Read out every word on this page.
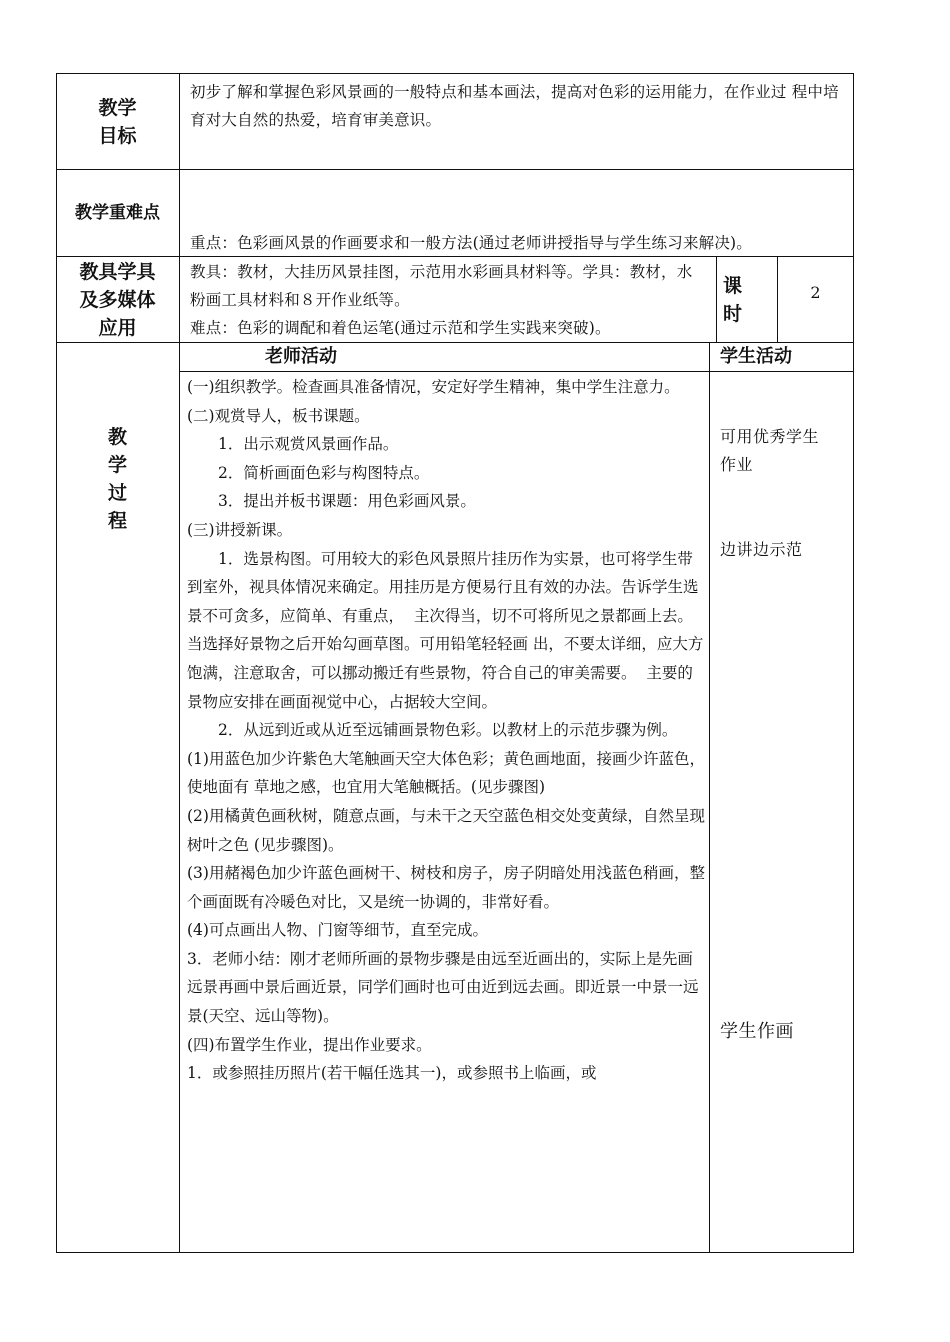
教学
目标
初步了解和掌握色彩风景画的一般特点和基本画法，提高对色彩的运用能力，在作业过 程中培育对大自然的热爱，培育审美意识。
教学重难点

重点：色彩画风景的作画要求和一般方法(通过老师讲授指导与学生练习来解决)。

难点：色彩的调配和着色运笔(通过示范和学生实践来突破)。

教具学具
及多媒体
应用
教具：教材，大挂历风景挂图，示范用水彩画具材料等。学具：教材，水粉画工具材料和８开作业纸等。
课
时
2
教
学
过
程
老师活动	学生活动

(一)组织教学。检查画具准备情况，安定好学生精神，集中学生注意力。

(二)观赏导人，板书课题。

1．出示观赏风景画作品。

2．简析画面色彩与构图特点。

3．提出并板书课题：用色彩画风景。

(三)讲授新课。

1．选景构图。可用较大的彩色风景照片挂历作为实景，也可将学生带到室外，视具体情况来确定。用挂历是方便易行且有效的办法。告诉学生选景不可贪多，应简单、有重点，  主次得当，切不可将所见之景都画上去。当选择好景物之后开始勾画草图。可用铅笔轻轻画 出，不要太详细，应大方饱满，注意取舍，可以挪动搬迁有些景物，符合自己的审美需要。  主要的景物应安排在画面视觉中心，占据较大空间。

2．从远到近或从近至远铺画景物色彩。以教材上的示范步骤为例。

(1)用蓝色加少许紫色大笔触画天空大体色彩；黄色画地面，接画少许蓝色，使地面有 草地之感，也宜用大笔触概括。(见步骤图)

(2)用橘黄色画秋树，随意点画，与未干之天空蓝色相交处变黄绿，自然呈现树叶之色 (见步骤图)。

(3)用赭褐色加少许蓝色画树干、树枝和房子，房子阴暗处用浅蓝色稍画，整个画面既有冷暖色对比，又是统一协调的，非常好看。

(4)可点画出人物、门窗等细节，直至完成。

3．老师小结：刚才老师所画的景物步骤是由远至近画出的，实际上是先画远景再画中景后画近景，同学们画时也可由近到远去画。即近景一中景一远景(天空、远山等物)。

(四)布置学生作业，提出作业要求。

1．或参照挂历照片(若干幅任选其一)，或参照书上临画，或

可用优秀学生
作业
边讲边示范
学生作画
